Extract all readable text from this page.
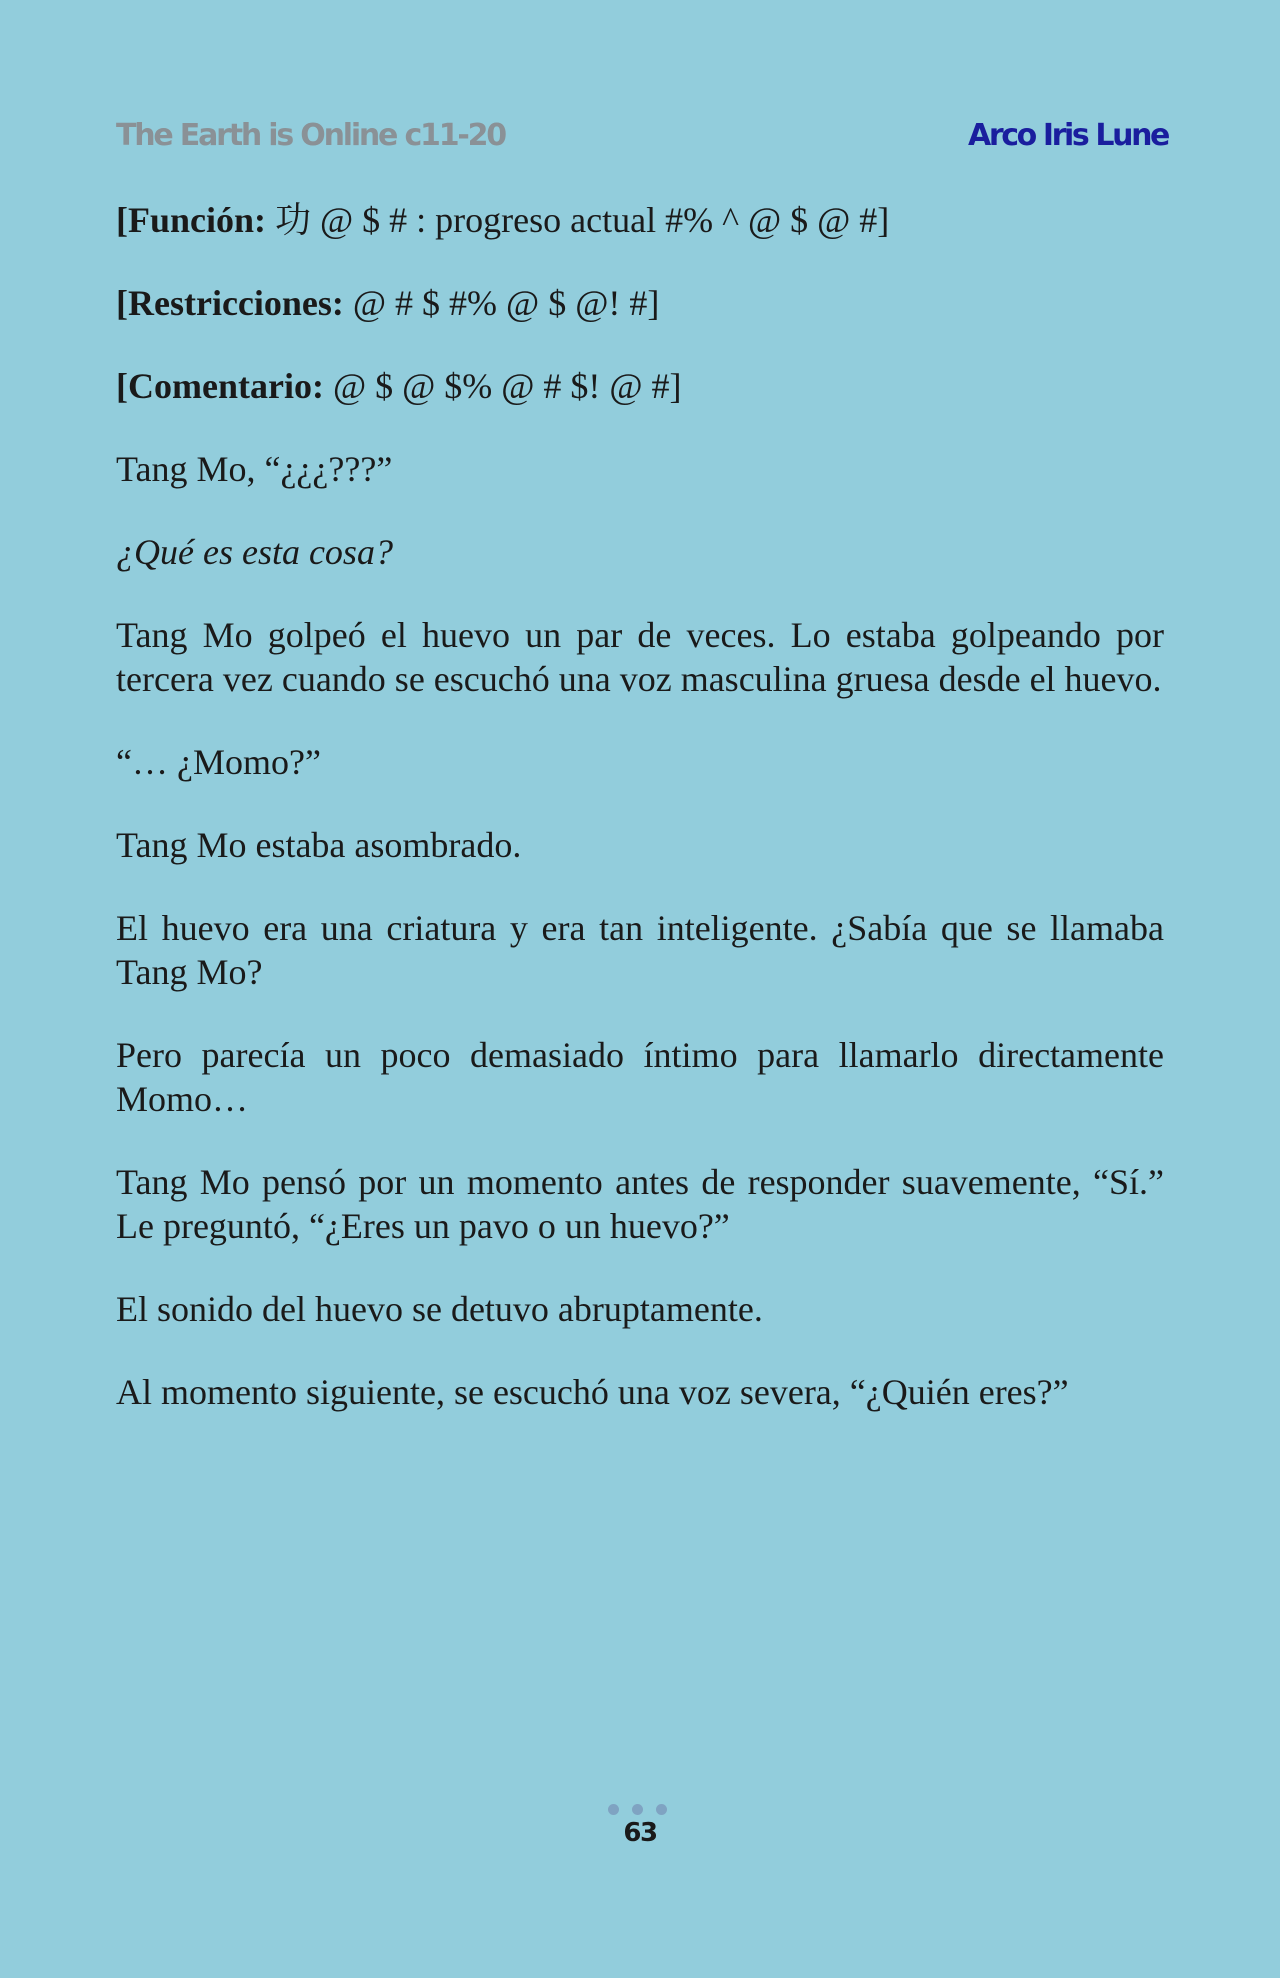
The Earth is Online c11-20	Arco Iris Lune

[Función: 功 @ $ # : progreso actual #% ^ @ $ @ #]

[Restricciones: @ # $ #% @ $ @! #]

[Comentario: @ $ @ $% @ # $! @ #]

Tang Mo, “¿¿¿???”

¿Qué es esta cosa?

Tang Mo golpeó el huevo un par de veces. Lo estaba golpeando por tercera vez cuando se escuchó una voz masculina gruesa desde el huevo.

“… ¿Momo?”

Tang Mo estaba asombrado.

El huevo era una criatura y era tan inteligente. ¿Sabía que se llamaba Tang Mo?

Pero parecía un poco demasiado íntimo para llamarlo directamente Momo…

Tang Mo pensó por un momento antes de responder suavemente, “Sí.” Le preguntó, “¿Eres un pavo o un huevo?”

El sonido del huevo se detuvo abruptamente.

Al momento siguiente, se escuchó una voz severa, “¿Quién eres?”

63
